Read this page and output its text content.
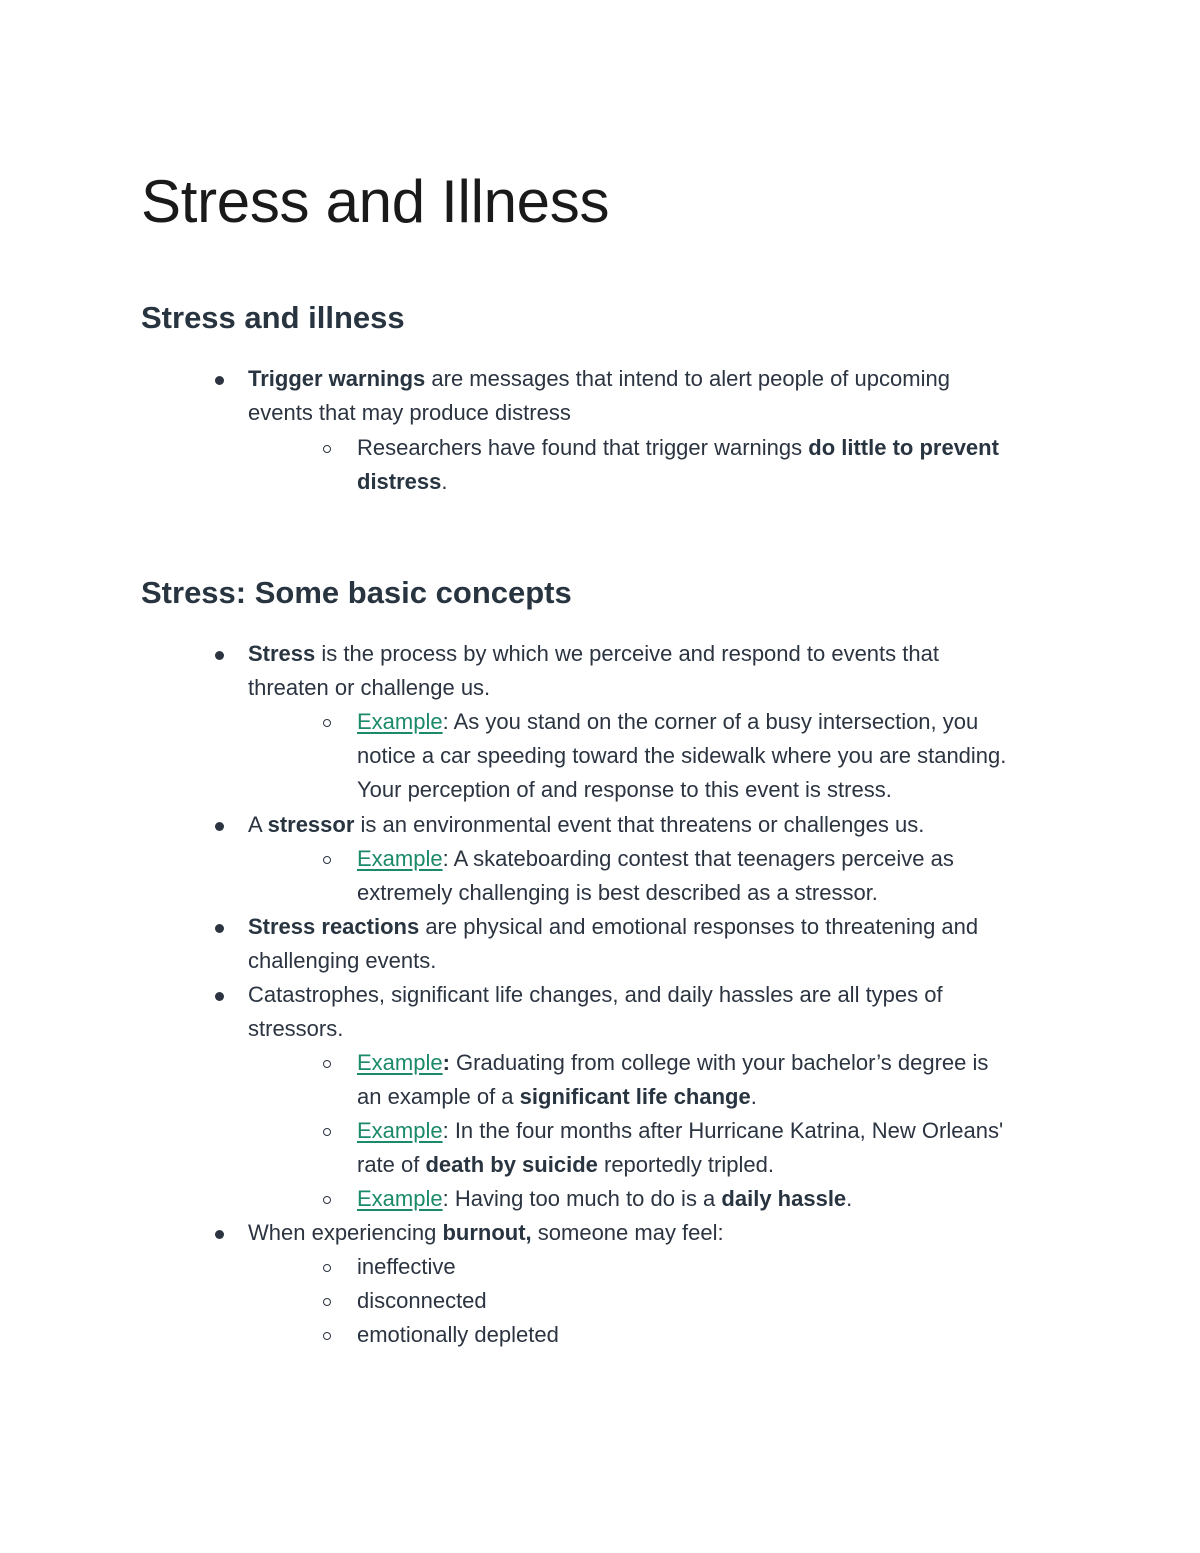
Stress and Illness
Stress and illness
Trigger warnings are messages that intend to alert people of upcoming
events that may produce distress
Researchers have found that trigger warnings do little to prevent
distress.
Stress: Some basic concepts
Stress is the process by which we perceive and respond to events that
threaten or challenge us.
Example: As you stand on the corner of a busy intersection, you
notice a car speeding toward the sidewalk where you are standing.
Your perception of and response to this event is stress.
A stressor is an environmental event that threatens or challenges us.
Example: A skateboarding contest that teenagers perceive as
extremely challenging is best described as a stressor.
Stress reactions are physical and emotional responses to threatening and
challenging events.
Catastrophes, significant life changes, and daily hassles are all types of
stressors.
Example: Graduating from college with your bachelor’s degree is
an example of a significant life change.
Example: In the four months after Hurricane Katrina, New Orleans'
rate of death by suicide reportedly tripled.
Example: Having too much to do is a daily hassle.
When experiencing burnout, someone may feel:
ineffective
disconnected
emotionally depleted
